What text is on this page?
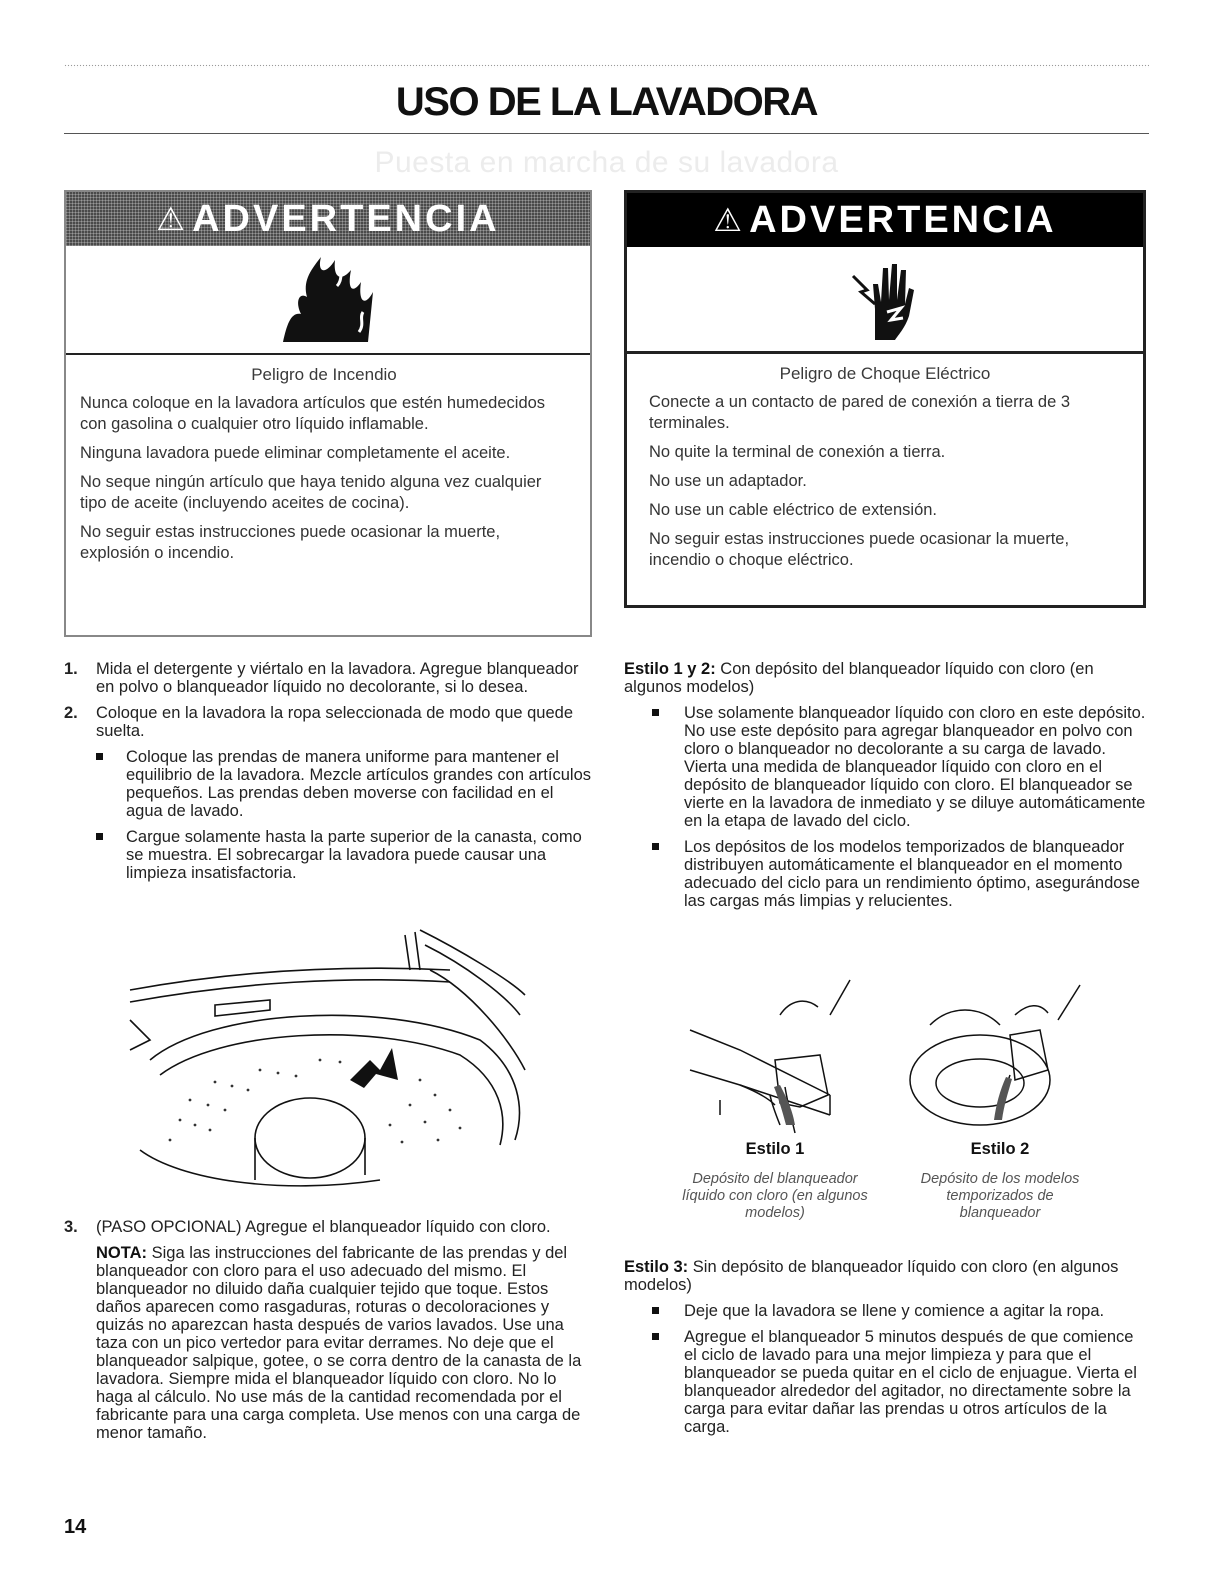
USO DE LA LAVADORA
Puesta en marcha de su lavadora
⚠ ADVERTENCIA
Peligro de Incendio

Nunca coloque en la lavadora artículos que estén humedecidos con gasolina o cualquier otro líquido inflamable.

Ninguna lavadora puede eliminar completamente el aceite.

No seque ningún artículo que haya tenido alguna vez cualquier tipo de aceite (incluyendo aceites de cocina).

No seguir estas instrucciones puede ocasionar la muerte, explosión o incendio.

⚠ ADVERTENCIA
Peligro de Choque Eléctrico

Conecte a un contacto de pared de conexión a tierra de 3 terminales.

No quite la terminal de conexión a tierra.

No use un adaptador.

No use un cable eléctrico de extensión.

No seguir estas instrucciones puede ocasionar la muerte, incendio o choque eléctrico.

1. Mida el detergente y viértalo en la lavadora. Agregue blanqueador en polvo o blanqueador líquido no decolorante, si lo desea.
2. Coloque en la lavadora la ropa seleccionada de modo que quede suelta.
Coloque las prendas de manera uniforme para mantener el equilibrio de la lavadora. Mezcle artículos grandes con artículos pequeños. Las prendas deben moverse con facilidad en el agua de lavado.
Cargue solamente hasta la parte superior de la canasta, como se muestra. El sobrecargar la lavadora puede causar una limpieza insatisfactoria.
3. (PASO OPCIONAL) Agregue el blanqueador líquido con cloro.
NOTA: Siga las instrucciones del fabricante de las prendas y del blanqueador con cloro para el uso adecuado del mismo. El blanqueador no diluido daña cualquier tejido que toque. Estos daños aparecen como rasgaduras, roturas o decoloraciones y quizás no aparezcan hasta después de varios lavados. Use una taza con un pico vertedor para evitar derrames. No deje que el blanqueador salpique, gotee, o se corra dentro de la canasta de la lavadora. Siempre mida el blanqueador líquido con cloro. No lo haga al cálculo. No use más de la cantidad recomendada por el fabricante para una carga completa. Use menos con una carga de menor tamaño.
Estilo 1 y 2: Con depósito del blanqueador líquido con cloro (en algunos modelos)
Use solamente blanqueador líquido con cloro en este depósito. No use este depósito para agregar blanqueador en polvo con cloro o blanqueador no decolorante a su carga de lavado. Vierta una medida de blanqueador líquido con cloro en el depósito de blanqueador líquido con cloro. El blanqueador se vierte en la lavadora de inmediato y se diluye automáticamente en la etapa de lavado del ciclo.
Los depósitos de los modelos temporizados de blanqueador distribuyen automáticamente el blanqueador en el momento adecuado del ciclo para un rendimiento óptimo, asegurándose las cargas más limpias y relucientes.
Estilo 1
Depósito del blanqueador líquido con cloro (en algunos modelos)
Estilo 2
Depósito de los modelos temporizados de blanqueador
Estilo 3: Sin depósito de blanqueador líquido con cloro (en algunos modelos)
Deje que la lavadora se llene y comience a agitar la ropa.
Agregue el blanqueador 5 minutos después de que comience el ciclo de lavado para una mejor limpieza y para que el blanqueador se pueda quitar en el ciclo de enjuague. Vierta el blanqueador alrededor del agitador, no directamente sobre la carga para evitar dañar las prendas u otros artículos de la carga.
14
